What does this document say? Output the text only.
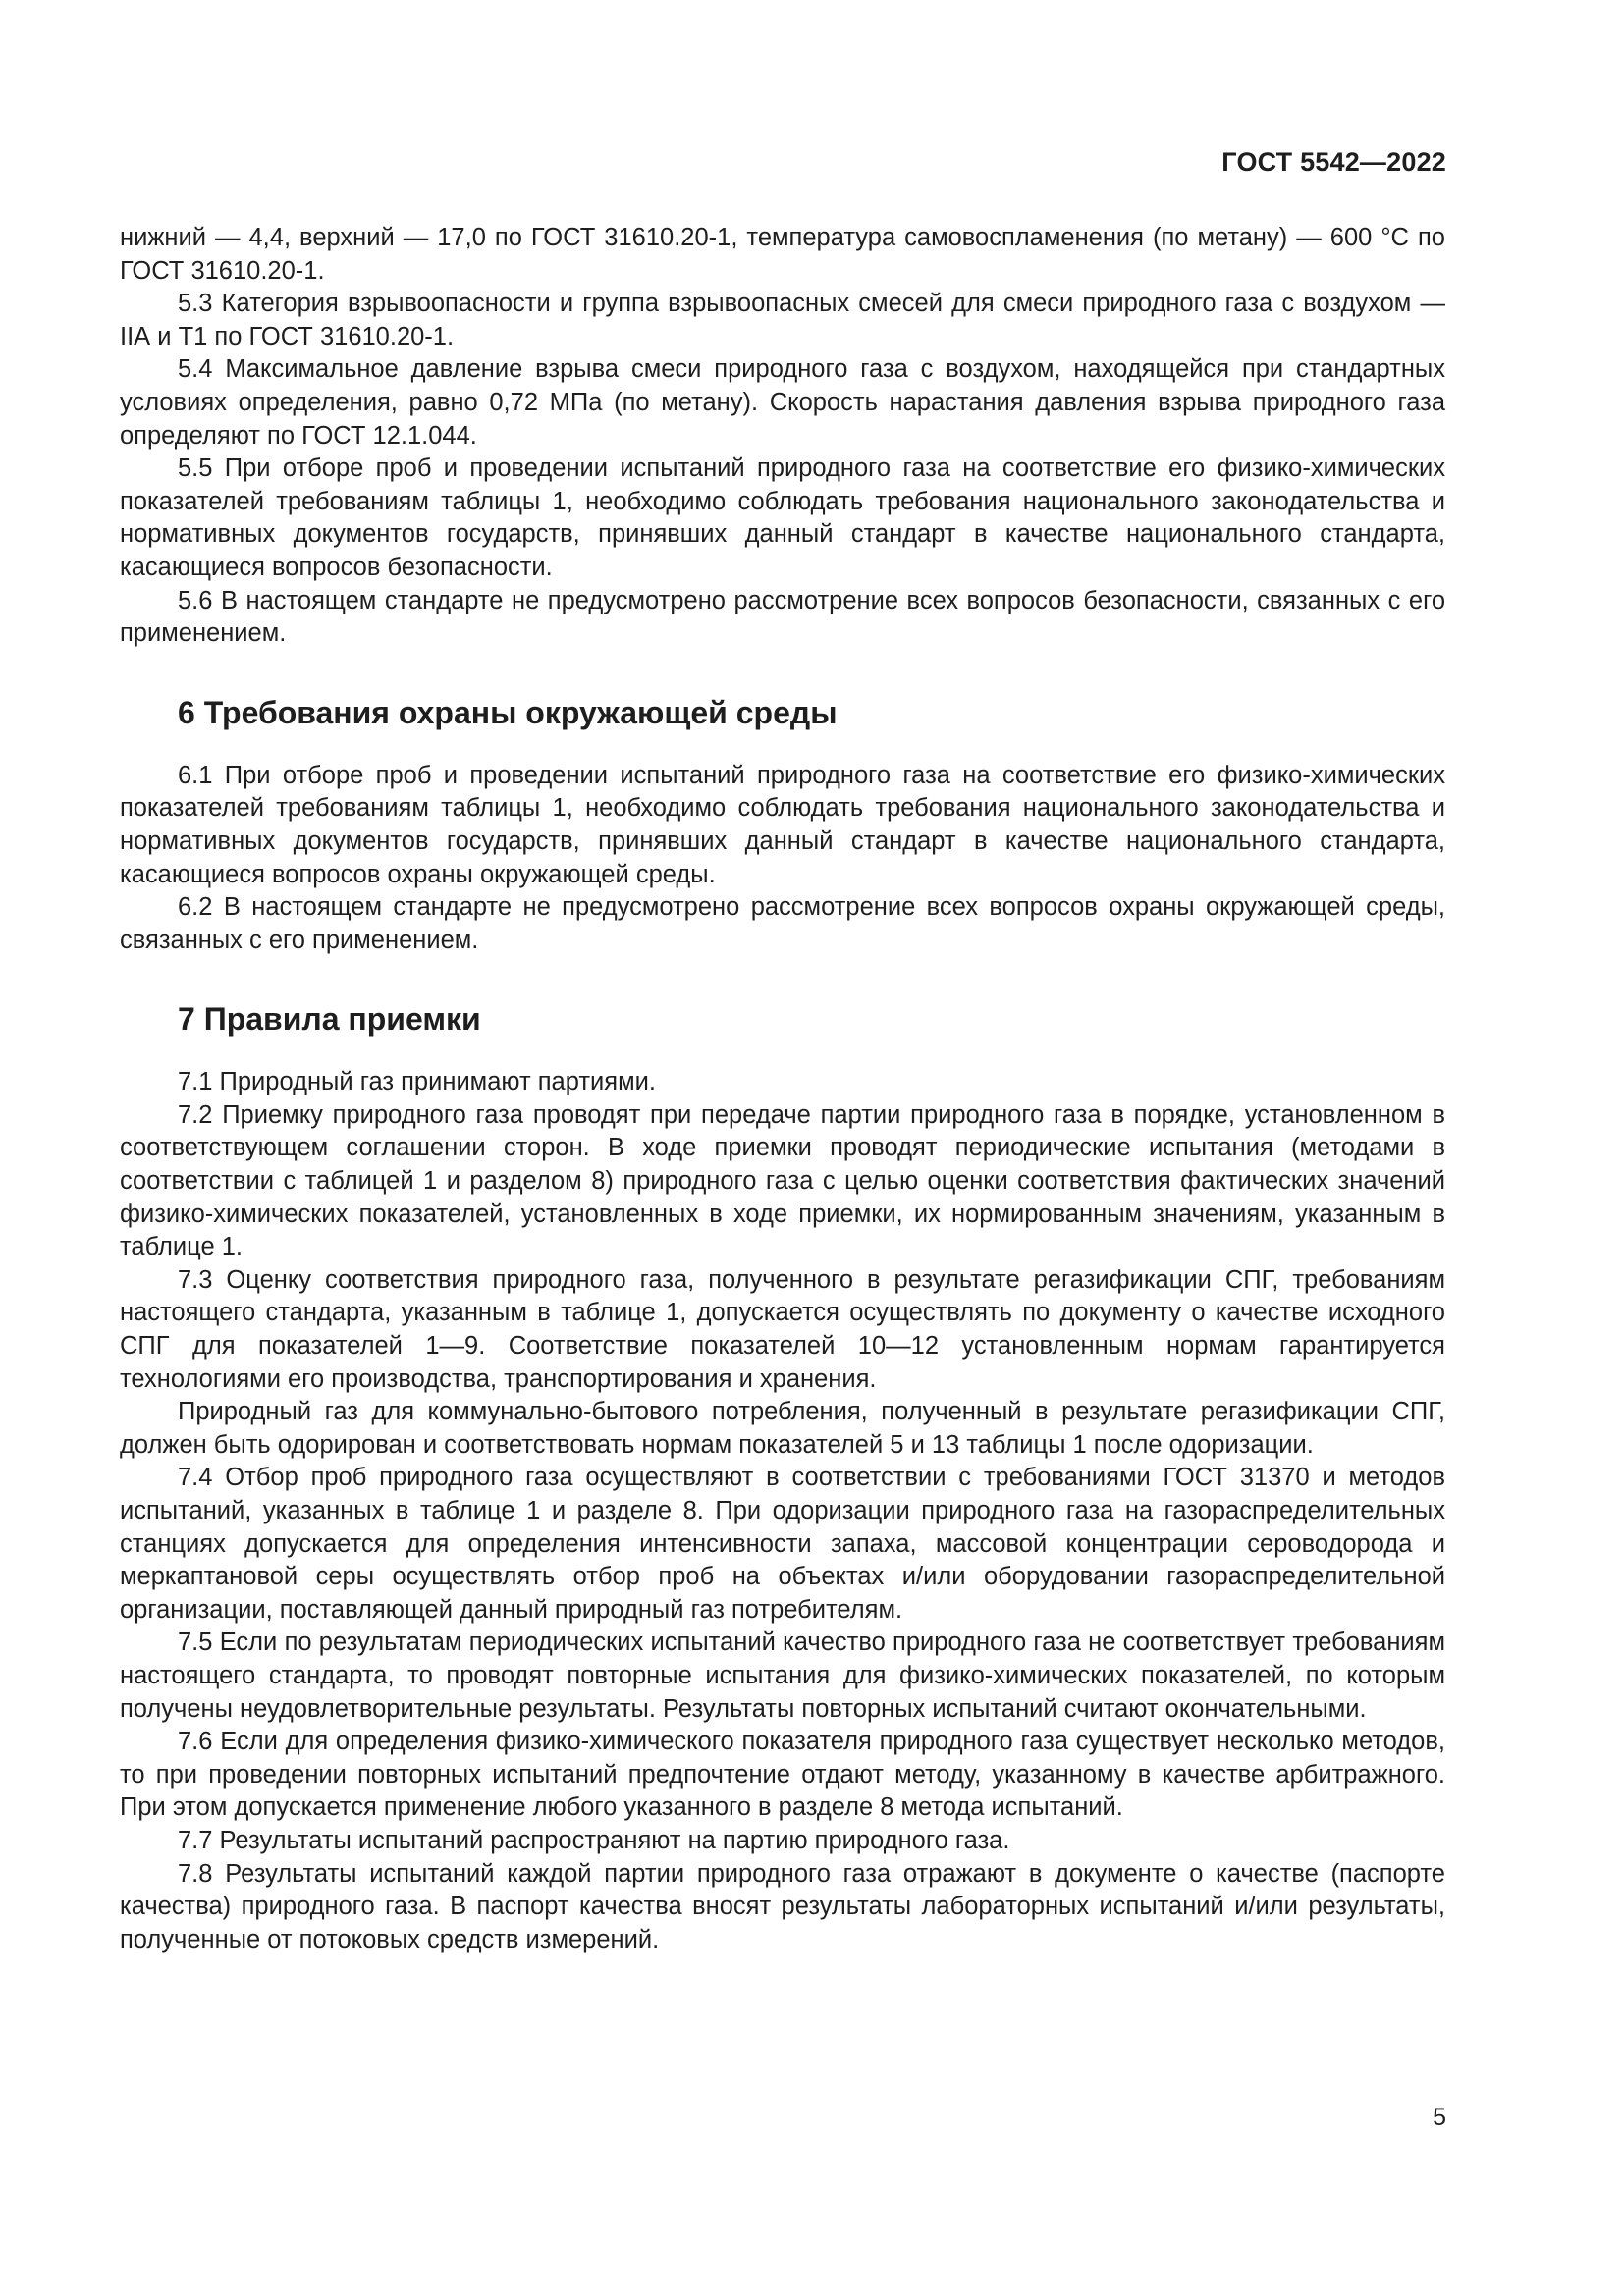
ГОСТ 5542—2022

нижний — 4,4, верхний — 17,0 по ГОСТ 31610.20-1, температура самовоспламенения (по метану) — 600 °С по ГОСТ 31610.20-1.

5.3 Категория взрывоопасности и группа взрывоопасных смесей для смеси природного газа с воздухом — IIА и Т1 по ГОСТ 31610.20-1.

5.4 Максимальное давление взрыва смеси природного газа с воздухом, находящейся при стандартных условиях определения, равно 0,72 МПа (по метану). Скорость нарастания давления взрыва природного газа определяют по ГОСТ 12.1.044.

5.5 При отборе проб и проведении испытаний природного газа на соответствие его физико-химических показателей требованиям таблицы 1, необходимо соблюдать требования национального законодательства и нормативных документов государств, принявших данный стандарт в качестве национального стандарта, касающиеся вопросов безопасности.

5.6 В настоящем стандарте не предусмотрено рассмотрение всех вопросов безопасности, связанных с его применением.

6 Требования охраны окружающей среды

6.1 При отборе проб и проведении испытаний природного газа на соответствие его физико-химических показателей требованиям таблицы 1, необходимо соблюдать требования национального законодательства и нормативных документов государств, принявших данный стандарт в качестве национального стандарта, касающиеся вопросов охраны окружающей среды.

6.2 В настоящем стандарте не предусмотрено рассмотрение всех вопросов охраны окружающей среды, связанных с его применением.

7 Правила приемки

7.1 Природный газ принимают партиями.

7.2 Приемку природного газа проводят при передаче партии природного газа в порядке, установленном в соответствующем соглашении сторон. В ходе приемки проводят периодические испытания (методами в соответствии с таблицей 1 и разделом 8) природного газа с целью оценки соответствия фактических значений физико-химических показателей, установленных в ходе приемки, их нормированным значениям, указанным в таблице 1.

7.3 Оценку соответствия природного газа, полученного в результате регазификации СПГ, требованиям настоящего стандарта, указанным в таблице 1, допускается осуществлять по документу о качестве исходного СПГ для показателей 1—9. Соответствие показателей 10—12 установленным нормам гарантируется технологиями его производства, транспортирования и хранения.

Природный газ для коммунально-бытового потребления, полученный в результате регазификации СПГ, должен быть одорирован и соответствовать нормам показателей 5 и 13 таблицы 1 после одоризации.

7.4 Отбор проб природного газа осуществляют в соответствии с требованиями ГОСТ 31370 и методов испытаний, указанных в таблице 1 и разделе 8. При одоризации природного газа на газораспределительных станциях допускается для определения интенсивности запаха, массовой концентрации сероводорода и меркаптановой серы осуществлять отбор проб на объектах и/или оборудовании газораспределительной организации, поставляющей данный природный газ потребителям.

7.5 Если по результатам периодических испытаний качество природного газа не соответствует требованиям настоящего стандарта, то проводят повторные испытания для физико-химических показателей, по которым получены неудовлетворительные результаты. Результаты повторных испытаний считают окончательными.

7.6 Если для определения физико-химического показателя природного газа существует несколько методов, то при проведении повторных испытаний предпочтение отдают методу, указанному в качестве арбитражного. При этом допускается применение любого указанного в разделе 8 метода испытаний.

7.7 Результаты испытаний распространяют на партию природного газа.

7.8 Результаты испытаний каждой партии природного газа отражают в документе о качестве (паспорте качества) природного газа. В паспорт качества вносят результаты лабораторных испытаний и/или результаты, полученные от потоковых средств измерений.

5
